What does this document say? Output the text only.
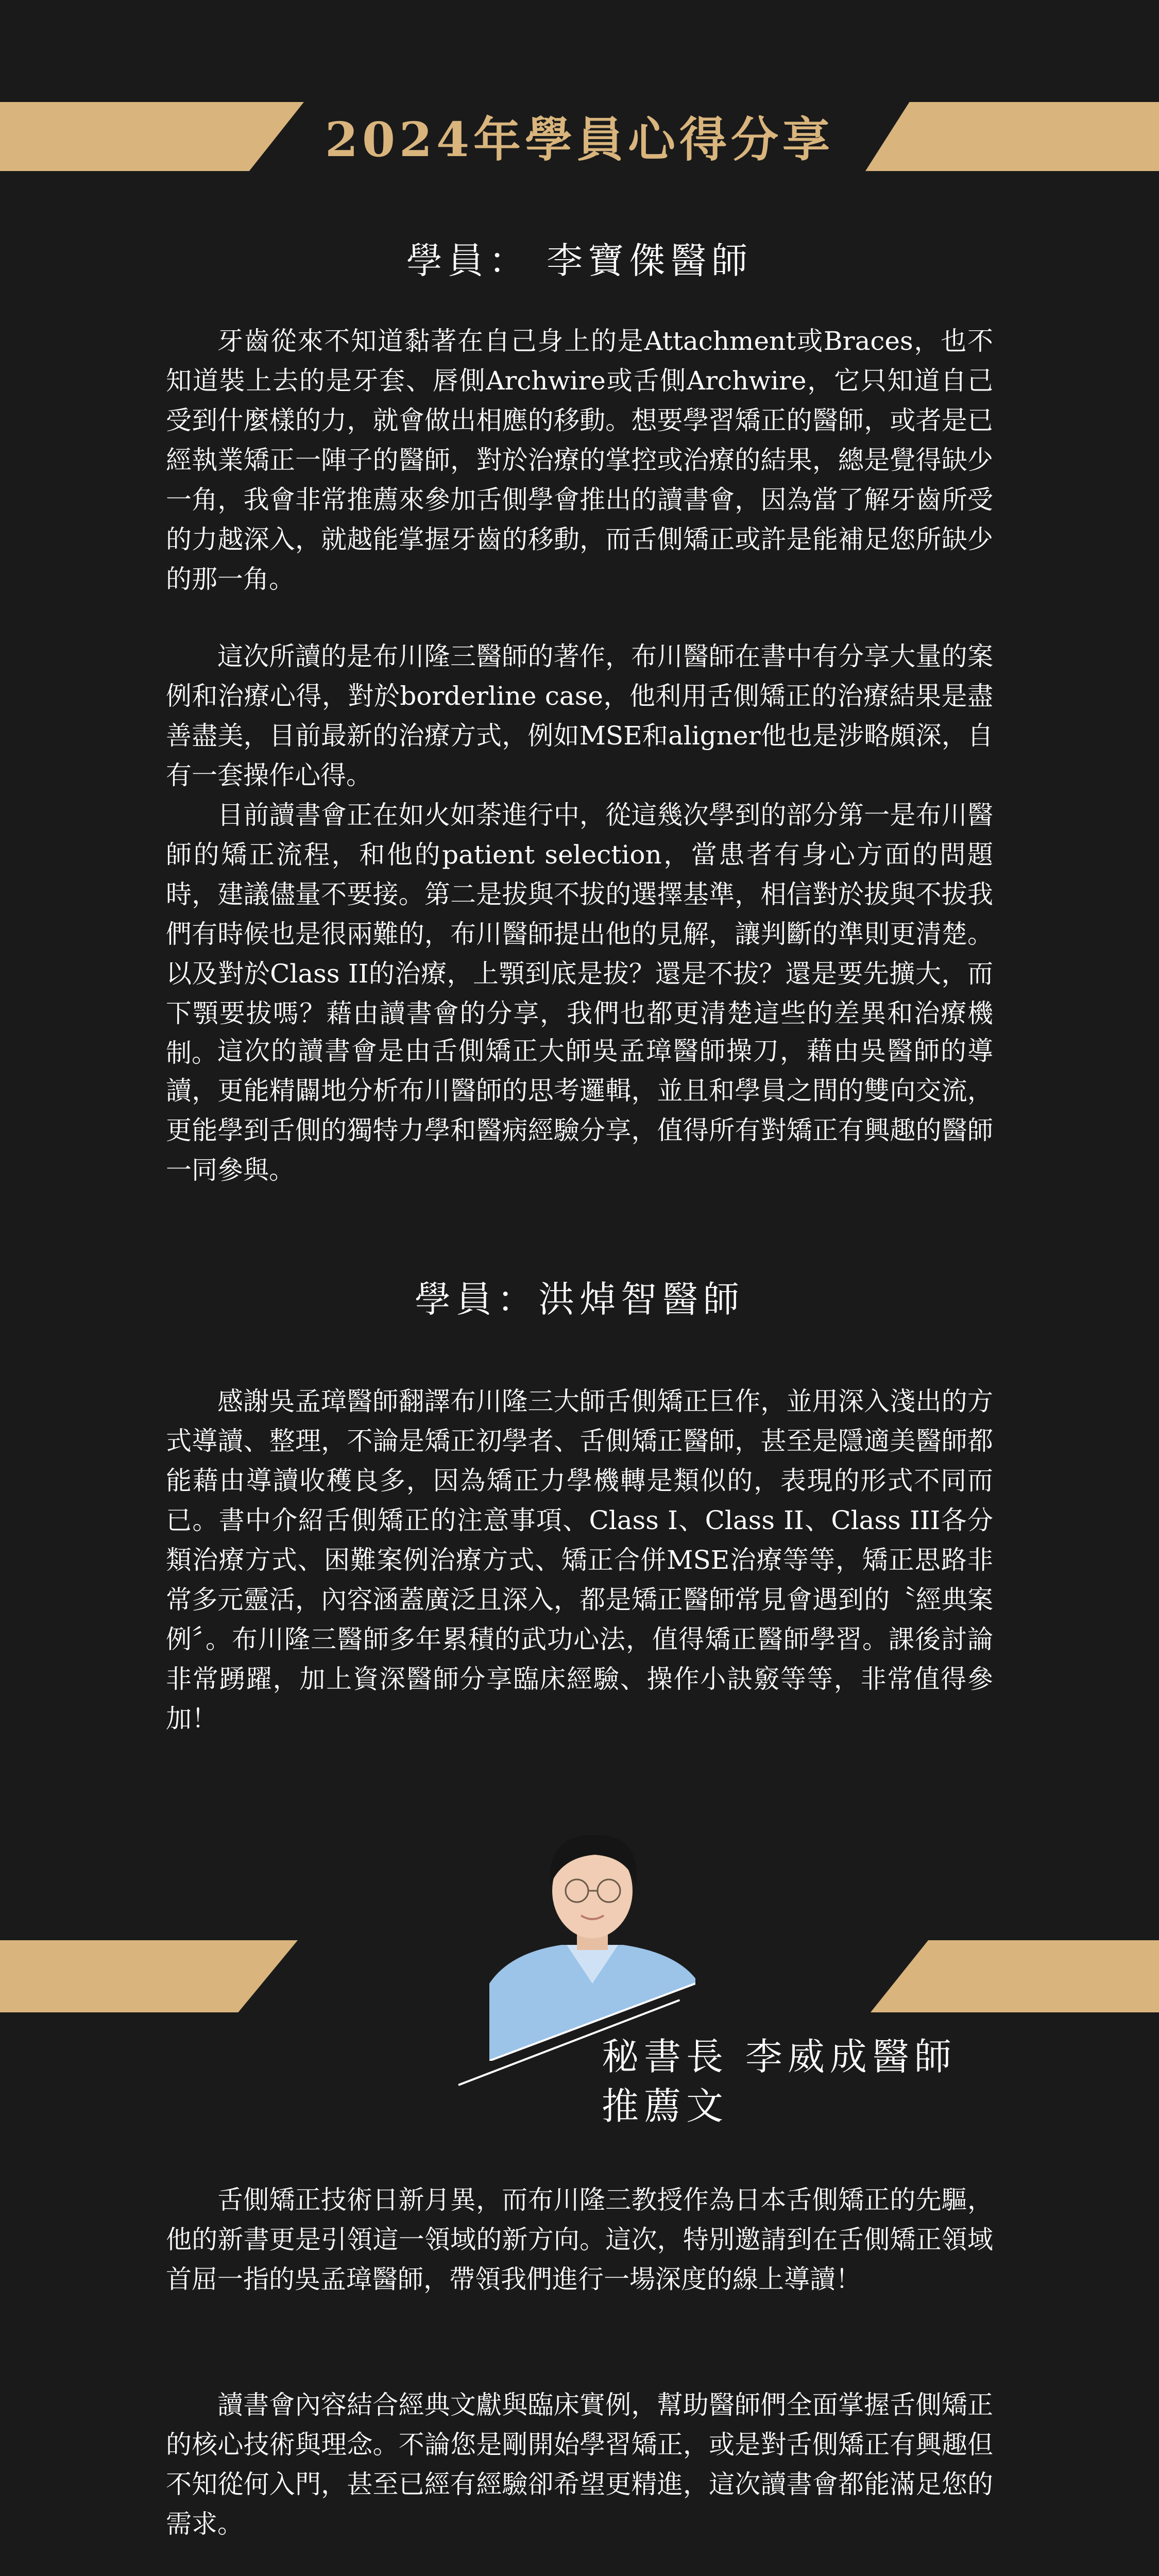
2024年學員心得分享
學員： 李寶傑醫師

牙齒從來不知道黏著在自己身上的是Attachment或Braces，也不知道裝上去的是牙套、唇側Archwire或舌側Archwire，它只知道自己受到什麼樣的力，就會做出相應的移動。想要學習矯正的醫師，或者是已經執業矯正一陣子的醫師，對於治療的掌控或治療的結果，總是覺得缺少一角，我會非常推薦來參加舌側學會推出的讀書會，因為當了解牙齒所受的力越深入，就越能掌握牙齒的移動，而舌側矯正或許是能補足您所缺少的那一角。

這次所讀的是布川隆三醫師的著作，布川醫師在書中有分享大量的案例和治療心得，對於borderline case，他利用舌側矯正的治療結果是盡善盡美，目前最新的治療方式，例如MSE和aligner他也是涉略頗深，自有一套操作心得。

目前讀書會正在如火如荼進行中，從這幾次學到的部分第一是布川醫師的矯正流程，和他的patient selection，當患者有身心方面的問題時，建議儘量不要接。第二是拔與不拔的選擇基準，相信對於拔與不拔我們有時候也是很兩難的，布川醫師提出他的見解，讓判斷的準則更清楚。以及對於Class II的治療，上顎到底是拔？還是不拔？還是要先擴大，而下顎要拔嗎？藉由讀書會的分享，我們也都更清楚這些的差異和治療機制。 這次的讀書會是由舌側矯正大師吳孟璋醫師操刀，藉由吳醫師的導讀，更能精闢地分析布川醫師的思考邏輯，並且和學員之間的雙向交流，更能學到舌側的獨特力學和醫病經驗分享，值得所有對矯正有興趣的醫師一同參與。

學員：洪焯智醫師

感謝吳孟璋醫師翻譯布川隆三大師舌側矯正巨作，並用深入淺出的方式導讀、整理，不論是矯正初學者、舌側矯正醫師，甚至是隱適美醫師都能藉由導讀收穫良多，因為矯正力學機轉是類似的，表現的形式不同而已。書中介紹舌側矯正的注意事項、Class I、Class II、Class III各分類治療方式、困難案例治療方式、矯正合併MSE治療等等，矯正思路非常多元靈活，內容涵蓋廣泛且深入，都是矯正醫師常見會遇到的〝經典案例〞。布川隆三醫師多年累積的武功心法，值得矯正醫師學習。課後討論非常踴躍，加上資深醫師分享臨床經驗、操作小訣竅等等，非常值得參加！

秘書長 李威成醫師
推薦文

舌側矯正技術日新月異，而布川隆三教授作為日本舌側矯正的先驅，他的新書更是引領這一領域的新方向。這次，特別邀請到在舌側矯正領域首屈一指的吳孟璋醫師，帶領我們進行一場深度的線上導讀！

讀書會內容結合經典文獻與臨床實例，幫助醫師們全面掌握舌側矯正的核心技術與理念。不論您是剛開始學習矯正，或是對舌側矯正有興趣但不知從何入門，甚至已經有經驗卻希望更精進，這次讀書會都能滿足您的需求。
